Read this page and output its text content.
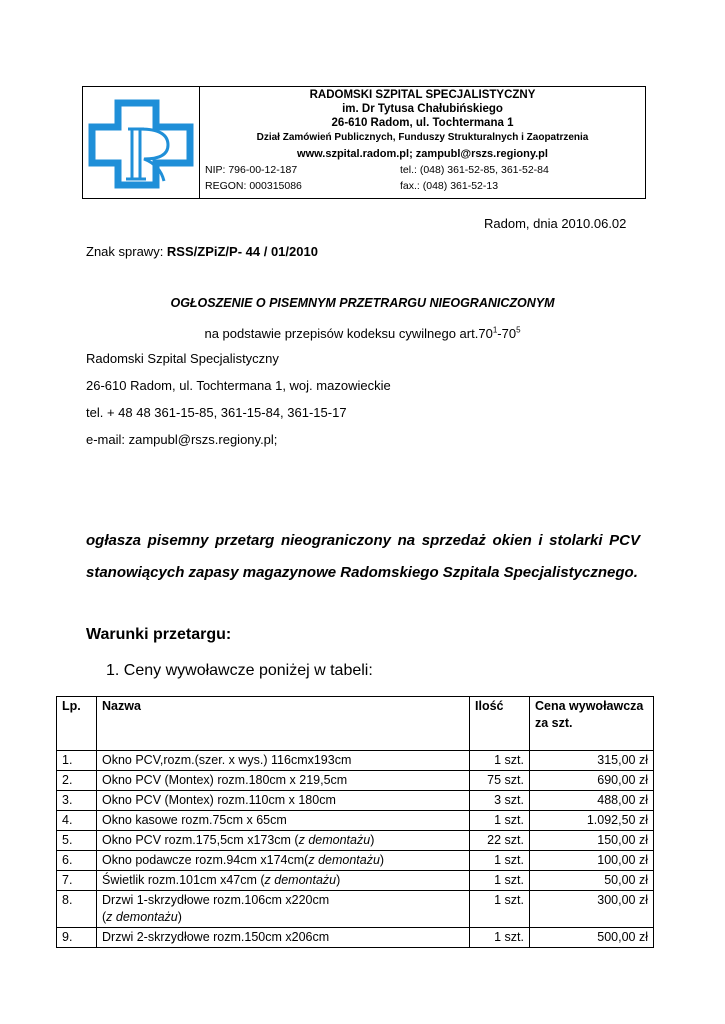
RADOMSKI SZPITAL SPECJALISTYCZNY
im. Dr Tytusa Chałubińskiego
26-610 Radom, ul. Tochtermana 1
Dział Zamówień Publicznych, Funduszy Strukturalnych i Zaopatrzenia
www.szpital.radom.pl; zampubl@rszs.regiony.pl
NIP: 796-00-12-187	tel.: (048) 361-52-85, 361-52-84
REGON: 000315086	fax.: (048) 361-52-13
Radom, dnia 2010.06.02
Znak sprawy: RSS/ZPiZ/P- 44 / 01/2010
OGŁOSZENIE O PISEMNYM PRZETRARGU NIEOGRANICZONYM
na podstawie przepisów kodeksu cywilnego $art.70^1-70^5$
Radomski Szpital Specjalistyczny
26-610 Radom, ul. Tochtermana 1, woj. mazowieckie
tel. + 48 48 361-15-85, 361-15-84, 361-15-17
e-mail: zampubl@rszs.regiony.pl;
ogłasza pisemny przetarg nieograniczony na sprzedaż okien i stolarki PCV
stanowiących zapasy magazynowe Radomskiego Szpitala Specjalistycznego.
Warunki przetargu:
1. Ceny wywoławcze poniżej w tabeli:
Lp.	Nazwa	Ilość	Cena wywoławcza za szt.
1.	Okno PCV,rozm.(szer. x wys.) 116cmx193cm	1 szt.	315,00 zł
2.	Okno PCV (Montex) rozm.180cm x 219,5cm	75 szt.	690,00 zł
3.	Okno PCV (Montex) rozm.110cm x 180cm	3 szt.	488,00 zł
4.	Okno kasowe rozm.75cm x 65cm	1 szt.	1.092,50 zł
5.	Okno PCV rozm.175,5cm x173cm (z demontażu)	22 szt.	150,00 zł
6.	Okno podawcze rozm.94cm x174cm(z demontażu)	1 szt.	100,00 zł
7.	Świetlik rozm.101cm x47cm (z demontażu)	1 szt.	50,00 zł
8.	Drzwi 1-skrzydłowe rozm.106cm x220cm
(z demontażu)	1 szt.	300,00 zł
9.	Drzwi 2-skrzydłowe rozm.150cm x206cm	1 szt.	500,00 zł
